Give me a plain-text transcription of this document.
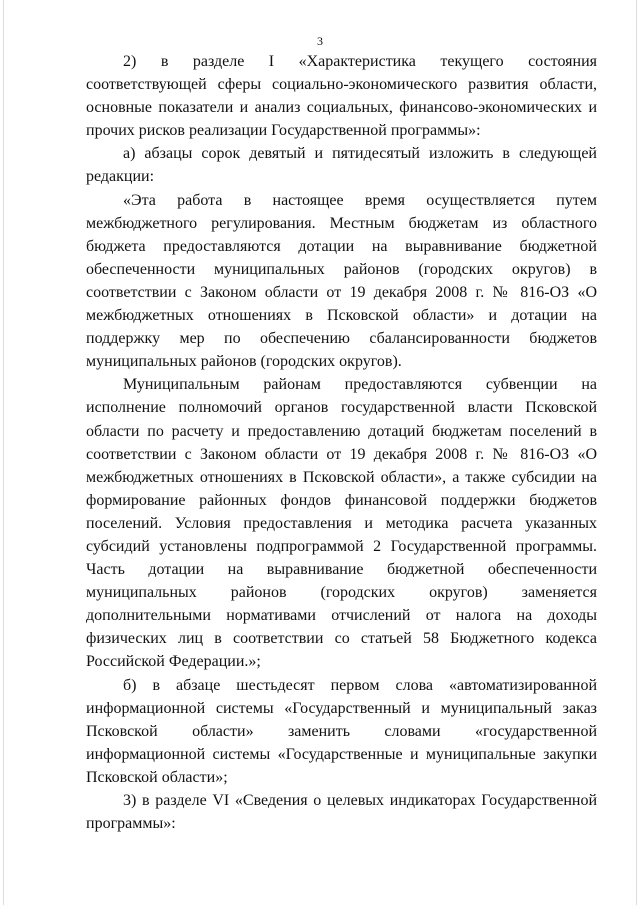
3

2) в разделе I «Характеристика текущего состояния соответствующей сферы социально-экономического развития области, основные показатели и анализ социальных, финансово-экономических и прочих рисков реализации Государственной программы»:

а) абзацы сорок девятый и пятидесятый изложить в следующей редакции:

«Эта работа в настоящее время осуществляется путем межбюджетного регулирования. Местным бюджетам из областного бюджета предоставляются дотации на выравнивание бюджетной обеспеченности муниципальных районов (городских округов) в соответствии с Законом области от 19 декабря 2008 г. № 816-ОЗ «О межбюджетных отношениях в Псковской области» и дотации на поддержку мер по обеспечению сбалансированности бюджетов муниципальных районов (городских округов).

Муниципальным районам предоставляются субвенции на исполнение полномочий органов государственной власти Псковской области по расчету и предоставлению дотаций бюджетам поселений в соответствии с Законом области от 19 декабря 2008 г. № 816-ОЗ «О межбюджетных отношениях в Псковской области», а также субсидии на формирование районных фондов финансовой поддержки бюджетов поселений. Условия предоставления и методика расчета указанных субсидий установлены подпрограммой 2 Государственной программы. Часть дотации на выравнивание бюджетной обеспеченности муниципальных районов (городских округов) заменяется дополнительными нормативами отчислений от налога на доходы физических лиц в соответствии со статьей 58 Бюджетного кодекса Российской Федерации.»;

б) в абзаце шестьдесят первом слова «автоматизированной информационной системы «Государственный и муниципальный заказ Псковской области» заменить словами «государственной информационной системы «Государственные и муниципальные закупки Псковской области»;

3) в разделе VI «Сведения о целевых индикаторах Государственной программы»:
